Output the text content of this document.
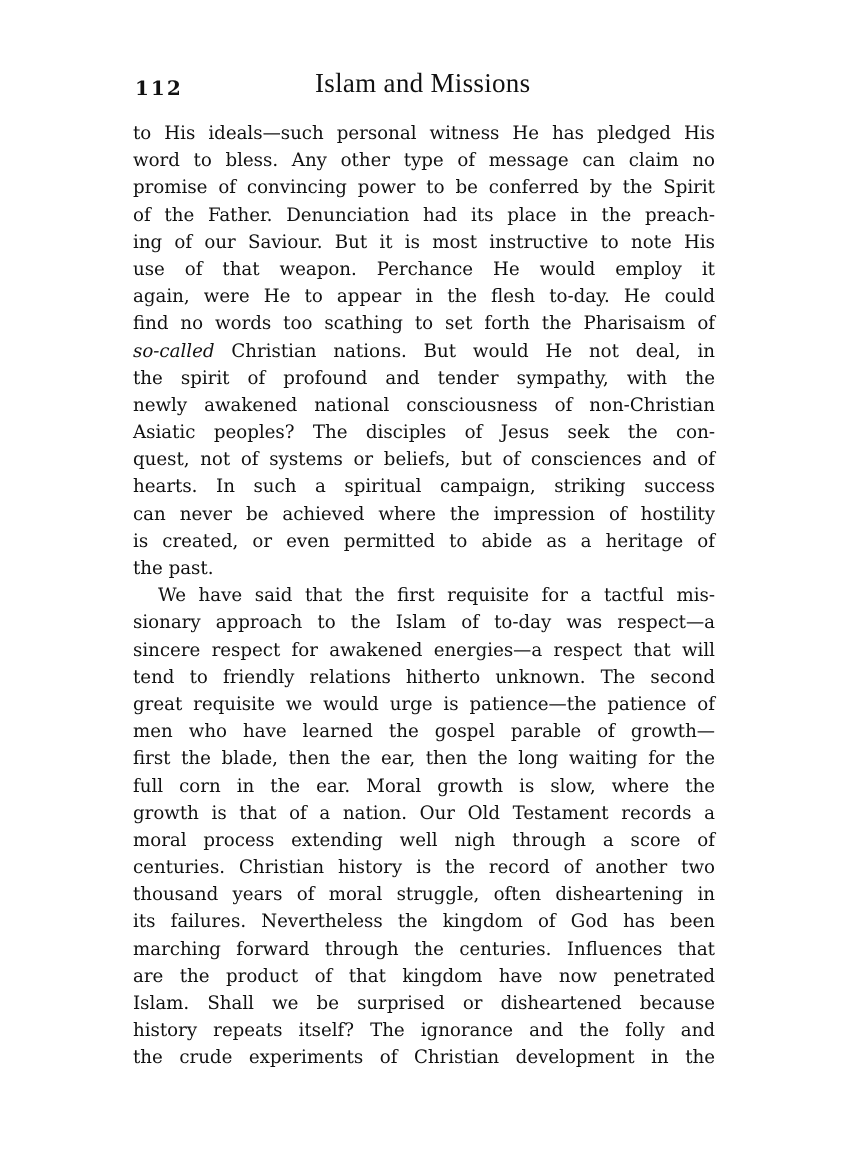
112	Islam and Missions
to His ideals—such personal witness He has pledged His
word to bless. Any other type of message can claim no
promise of convincing power to be conferred by the Spirit
of the Father. Denunciation had its place in the preach-
ing of our Saviour. But it is most instructive to note His
use of that weapon. Perchance He would employ it
again, were He to appear in the flesh to-day. He could
find no words too scathing to set forth the Pharisaism of
so-called Christian nations. But would He not deal, in
the spirit of profound and tender sympathy, with the
newly awakened national consciousness of non-Christian
Asiatic peoples? The disciples of Jesus seek the con-
quest, not of systems or beliefs, but of consciences and of
hearts. In such a spiritual campaign, striking success
can never be achieved where the impression of hostility
is created, or even permitted to abide as a heritage of
the past.
We have said that the first requisite for a tactful mis-
sionary approach to the Islam of to-day was respect—a
sincere respect for awakened energies—a respect that will
tend to friendly relations hitherto unknown. The second
great requisite we would urge is patience—the patience of
men who have learned the gospel parable of growth—
first the blade, then the ear, then the long waiting for the
full corn in the ear. Moral growth is slow, where the
growth is that of a nation. Our Old Testament records a
moral process extending well nigh through a score of
centuries. Christian history is the record of another two
thousand years of moral struggle, often disheartening in
its failures. Nevertheless the kingdom of God has been
marching forward through the centuries. Influences that
are the product of that kingdom have now penetrated
Islam. Shall we be surprised or disheartened because
history repeats itself? The ignorance and the folly and
the crude experiments of Christian development in the
